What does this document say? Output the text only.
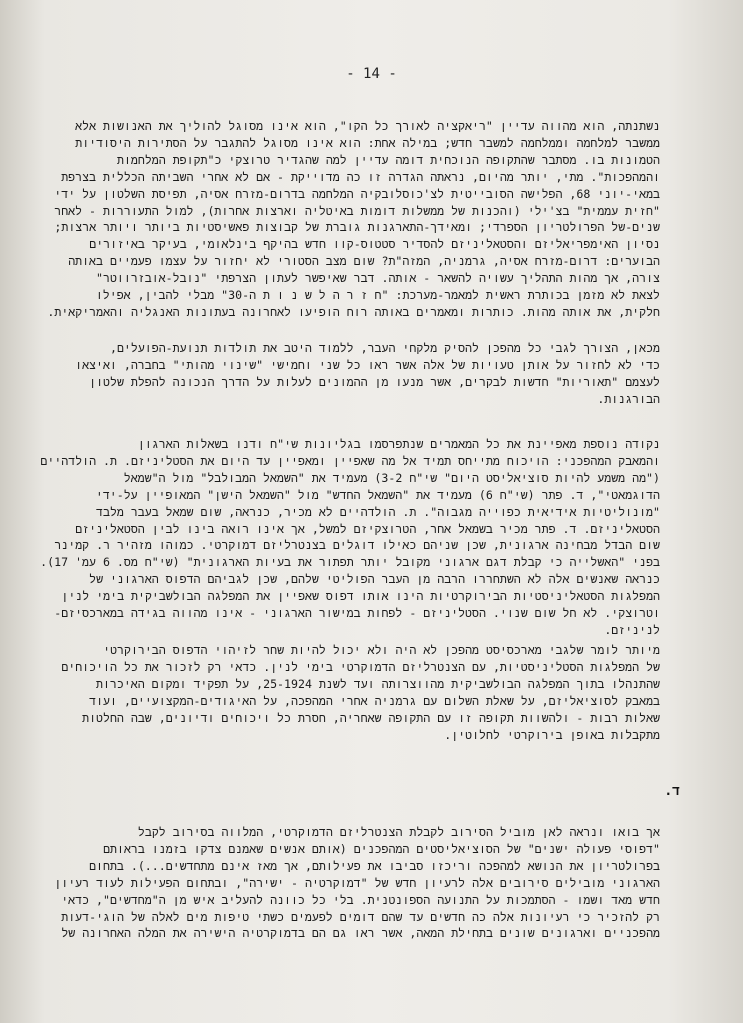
- 14 -
נשתנתה, הוא מהווה עדיין "ריאקציה לאורך כל הקו", הוא אינו מסוגל להוליך את האנושות אלא
ממשבר למלחמה וממלחמה למשבר חדש; במילה אחת: הוא אינו מסוגל להתגבר על הסתירות היסודיות
הטמונות בו. מסתבר שהתקופה הנוכחית דומה עדיין למה שהגדיר טרוצקי כ"תקופת המלחמות
והמהפכות". מתי, יותר מהיום, נראתה הגדרה זו כה מדוייקת - אם לא אחרי השביתה הכללית בצרפת
במאי-יוני 68, הפלישה הסובייטית לצ'כוסלובקיה המלחמה בדרום-מזרח אסיה, תפיסת השלטון על ידי
"חזית עממית" בצ'ילי (והכנות של ממשלות דומות באיטליה וארצות אחרות), למול התעוררות - לאחר
שנים-של הפרולטריון הספרדי; ומאידך-התארגנות גוברת של קבוצות פאשיסטיות ביותר ויותר ארצות;
נסיון האימפריאליזם והסטאליניזם להסדיר סטטוס-קוו חדש בהיקף בינלאומי, בעיקר באיזורים
הבוערים: דרום-מזרח אסיה, גרמניה, המזה"ת? שום מצב הסטורי לא יחזור על עצמו פעמיים באותה
צורה, אך מהות התהליך עשויה להשאר - אותה. דבר שאיפשר לעתון הצרפתי "נובל-אובזרווטר"
לצאת לא מזמן בכותרת ראשית למאמר-מערכת: "ח ז ר ה ל ש נ ו ת ה-30" מבלי להבין, אפילו
חלקית, את אותה מהות. כותרות ומאמרים באותה רוח הופיעו לאחרונה בעתונות האנגליה והאמריקאית.
מכאן, הצורך לגבי כל מהפכן להסיק מלקחי העבר, ללמוד היטב את תולדות תנועת-הפועלים,
כדי לא לחזור על אותן טעויות של אלה אשר ראו כל שני וחמישי "שינוי מהותי" בחברה, ואיצאו
לעצמם "תאוריות" חדשות לבקרים, אשר מנעו מן ההמונים לעלות על הדרך הנכונה להפלת שלטון
הבורגנות.
נקודה נוספת מאפיינת את כל המאמרים שנתפרסמו בגליונות שי"ח ודנו בשאלות הארגון
והמאבק המהפכני: הויכוח מתייחס תמיד אל מה שאפיין ומאפיין עד היום את הסטליניזם. ת. הולדהיים
("מה משמע להיות סוציאליסט היום" שי"ח 3-2) מעמיד את "השמאל המבולבל" מול ה"שמאל
הדוגמאטי", ד. פתר (שי"ח 6) מעמיד את "השמאל החדש" מול "השמאל הישן" המאופיין על-ידי
"מונוליטיות אידיאית כפוייה מגבוה". ת. הולדהיים לא מכיר, כנראה, שום שמאל בעבר מלבד
הסטאליניזם. ד. פתר מכיר בשמאל אחר, הטרוצקיזם למשל, אך אינו רואה בינו לבין הסטאליניזם
שום הבדל מבחינה ארגונית, שכן שניהם כאילו דוגלים בצנטרליזם דמוקרטי. כמוהו מזהיר ר. קמינר
בפני "האשלייה כי קבלת דגם ארגוני מקובל יותר תפתור את בעיות הארגונית" (שי"ח מס. 6 עמ' 17).
כנראה שאנשים אלה לא השתחררו הרבה מן העבר הפוליטי שלהם, שכן לגביהם הדפוס הארגוני של
המפלגות הסטאליניסטיות הבירוקרטיות הינו אותו דפוס שאפיין את המפלגה הבולשביקית בימי לנין
וטרוצקי. לא חל שום שנוי. הסטליניזם - לפחות במישור הארגוני - אינו מהווה בגידה במארכסיזם-
לניניזם.
מיותר לומר שלגבי מארכסיסט מהפכן לא היה ולא יכול להיות שחר לזיהוי הדפוס הבירוקרטי
של המפלגות הסטליניסטיות, עם הצנטרליזם הדמוקרטי בימי לנין. כדאי רק לזכור את כל הויכוחים
שהתנהלו בתוך המפלגה הבולשביקית מהווצרותה ועד לשנת 25-1924, על תפקיד ומקום האיכרות
במאבק לסוציאליזם, על שאלת השלום עם גרמניה אחרי המהפכה, על האיגודים-המקצועיים, ועוד
שאלות רבות - ולהשוות תקופה זו עם התקופה שאחריה, חסרת כל ויכוחים ודיונים, שבה החלטות
מתקבלות באופן בירוקרטי לחלוטין.
ד.
אך בואו ונראה לאן מוביל הסירוב לקבלת הצנטרליזם הדמוקרטי, המלווה בסירוב לקבל
"דפוסי פעולה ישנים" של הסוציאליסטים המהפכנים (אותם אנשים שאמנם צדקו בזמנו בראותם
בפרולטריון את הנושא למהפכה וריכזו סביבו את פעילותם, אך מאז אינם מתחדשים...). בתחום
הארגוני מובילים סירובים אלה לרעיון חדש של "דמוקרטיה - ישירה", ובתחום הפעילות לעוד רעיון
חדש מאד ושמו - הסתמכות על התנועה הספונטנית. בלי כל כוונה להעליב איש מן ה"מחדשים", כדאי
רק להזכיר כי רעיונות אלה כה חדשים עד שהם דומים לפעמים כשתי טיפות מים לאלה של הוגי-דעות
מהפכניים וארגונים שונים בתחילת המאה, אשר ראו גם הם בדמוקרטיה הישירה את המלה האחרונה של
